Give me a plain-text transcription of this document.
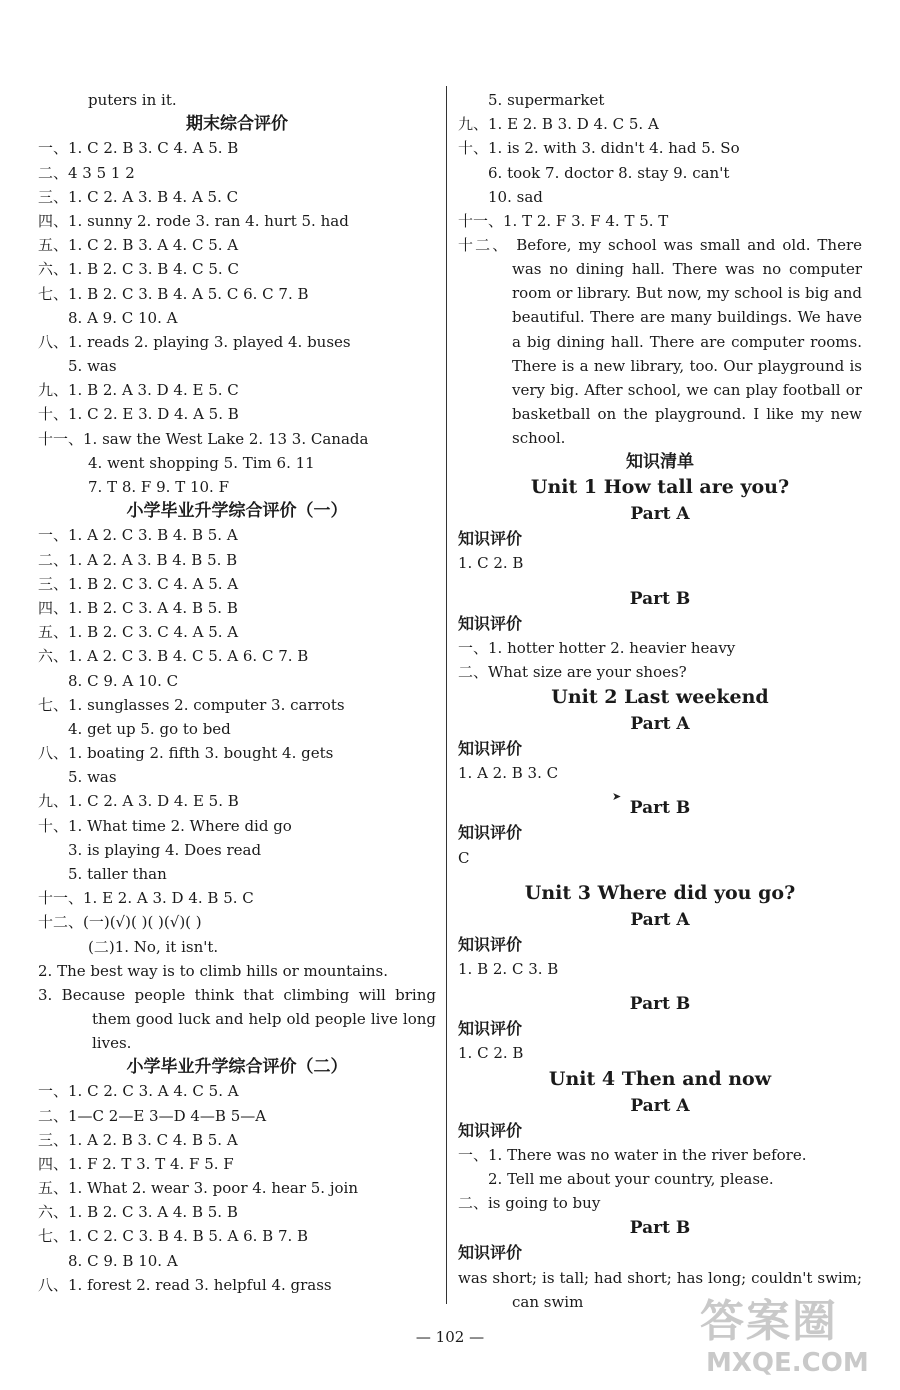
puters in it.
期末综合评价
一、1. C 2. B 3. C 4. A 5. B
二、4 3 5 1 2
三、1. C 2. A 3. B 4. A 5. C
四、1. sunny 2. rode 3. ran 4. hurt 5. had
五、1. C 2. B 3. A 4. C 5. A
六、1. B 2. C 3. B 4. C 5. C
七、1. B 2. C 3. B 4. A 5. C 6. C 7. B
8. A 9. C 10. A
八、1. reads 2. playing 3. played 4. buses
5. was
九、1. B 2. A 3. D 4. E 5. C
十、1. C 2. E 3. D 4. A 5. B
十一、1. saw the West Lake 2. 13 3. Canada
4. went shopping 5. Tim 6. 11
7. T 8. F 9. T 10. F
小学毕业升学综合评价（一）
一、1. A 2. C 3. B 4. B 5. A
二、1. A 2. A 3. B 4. B 5. B
三、1. B 2. C 3. C 4. A 5. A
四、1. B 2. C 3. A 4. B 5. B
五、1. B 2. C 3. C 4. A 5. A
六、1. A 2. C 3. B 4. C 5. A 6. C 7. B
8. C 9. A 10. C
七、1. sunglasses 2. computer 3. carrots
4. get up 5. go to bed
八、1. boating 2. fifth 3. bought 4. gets
5. was
九、1. C 2. A 3. D 4. E 5. B
十、1. What time 2. Where did go
3. is playing 4. Does read
5. taller than
十一、1. E 2. A 3. D 4. B 5. C
十二、(一)(√)( )( )(√)( )
(二)1. No, it isn't.
2. The best way is to climb hills or mountains.
3. Because people think that climbing will bring them good luck and help old people live long lives.
小学毕业升学综合评价（二）
一、1. C 2. C 3. A 4. C 5. A
二、1—C 2—E 3—D 4—B 5—A
三、1. A 2. B 3. C 4. B 5. A
四、1. F 2. T 3. T 4. F 5. F
五、1. What 2. wear 3. poor 4. hear 5. join
六、1. B 2. C 3. A 4. B 5. B
七、1. C 2. C 3. B 4. B 5. A 6. B 7. B
8. C 9. B 10. A
八、1. forest 2. read 3. helpful 4. grass
5. supermarket
九、1. E 2. B 3. D 4. C 5. A
十、1. is 2. with 3. didn't 4. had 5. So
6. took 7. doctor 8. stay 9. can't
10. sad
十一、1. T 2. F 3. F 4. T 5. T
十二、 Before, my school was small and old. There was no dining hall. There was no computer room or library. But now, my school is big and beautiful. There are many buildings. We have a big dining hall. There are computer rooms. There is a new library, too. Our playground is very big. After school, we can play football or basketball on the playground. I like my new school.
知识清单
Unit 1 How tall are you?
Part A
知识评价
1. C 2. B
Part B
知识评价
一、1. hotter hotter 2. heavier heavy
二、What size are your shoes?
Unit 2 Last weekend
Part A
知识评价
1. A 2. B 3. C
Part B
知识评价
C
Unit 3 Where did you go?
Part A
知识评价
1. B 2. C 3. B
Part B
知识评价
1. C 2. B
Unit 4 Then and now
Part A
知识评价
一、1. There was no water in the river before.
2. Tell me about your country, please.
二、is going to buy
Part B
知识评价
was short; is tall; had short; has long; couldn't swim; can swim
➤
— 102 —	答案圈
MXQE.COM
